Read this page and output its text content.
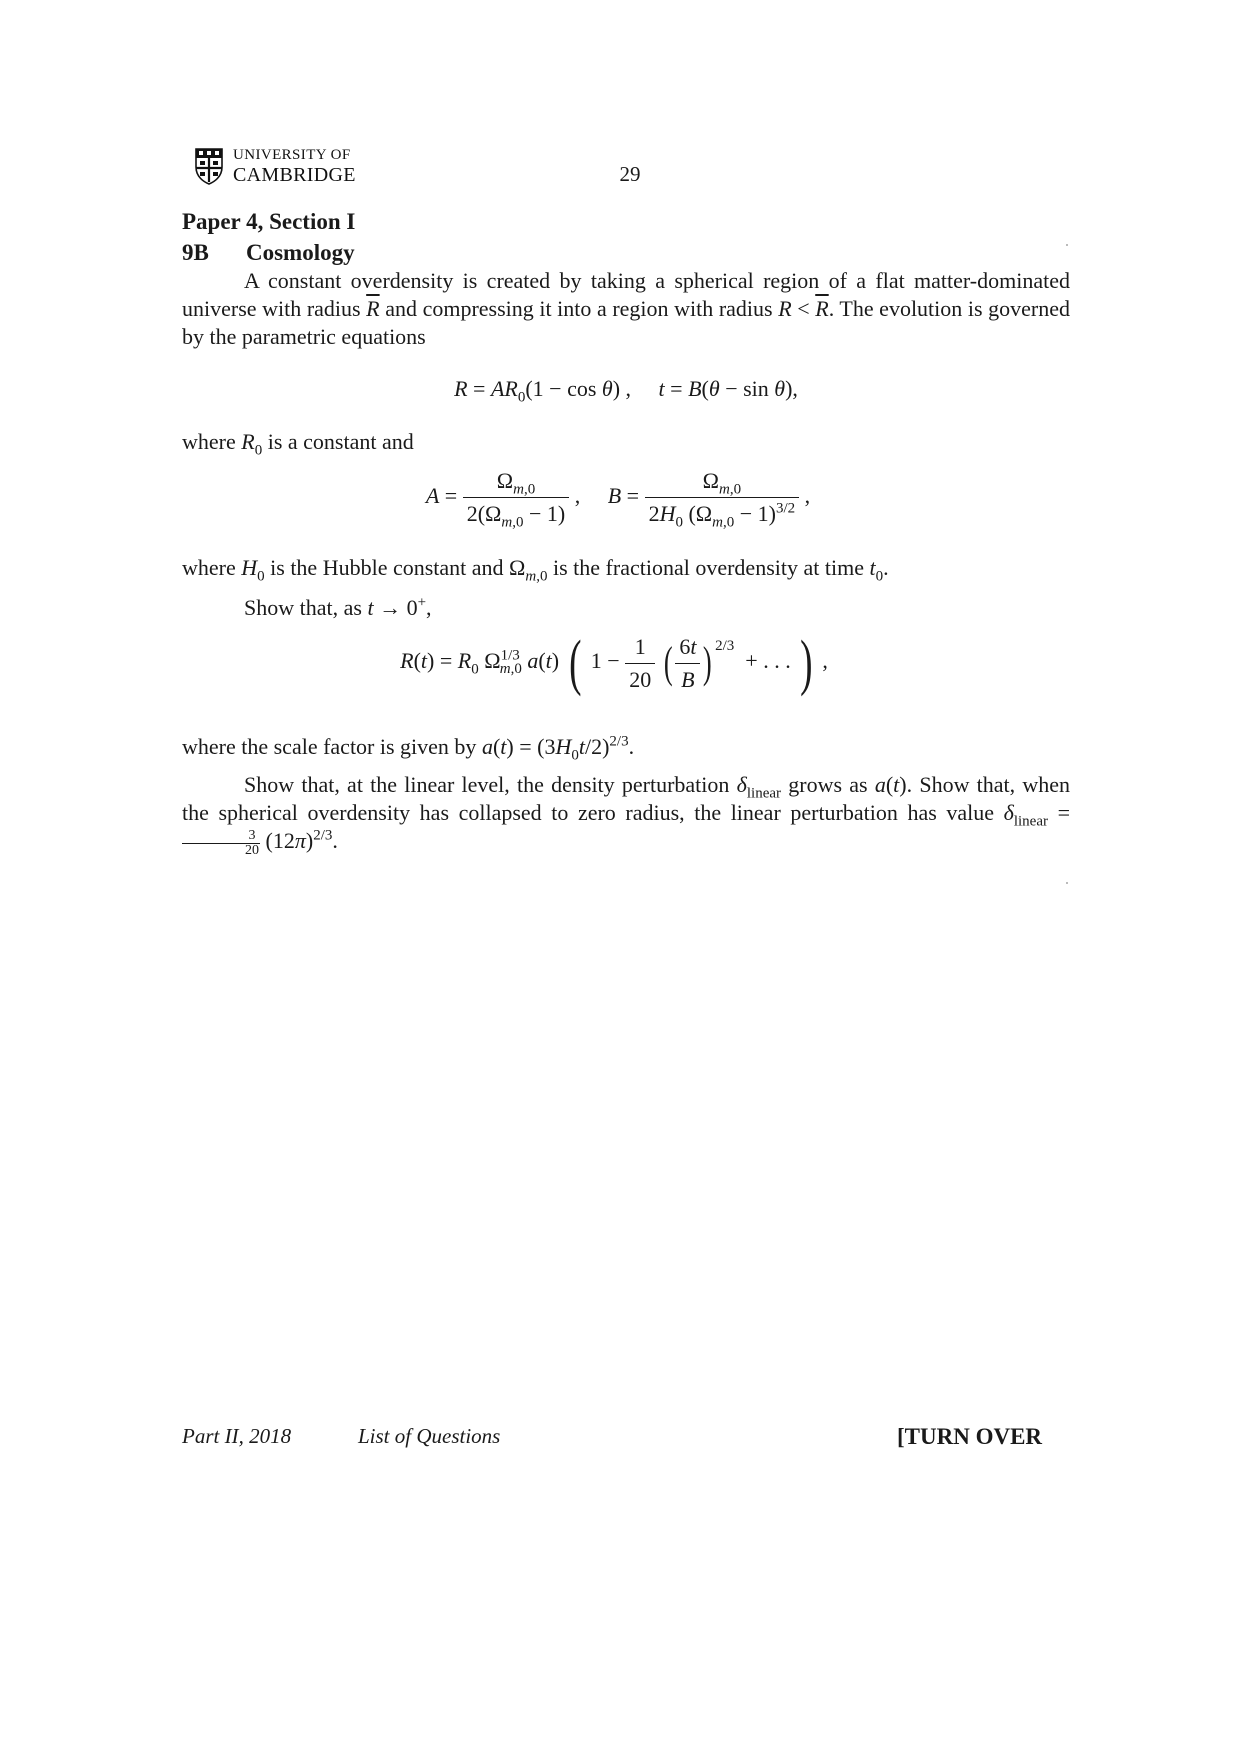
UNIVERSITY OF
CAMBRIDGE	29
Paper 4, Section I
9B Cosmology

A constant overdensity is created by taking a spherical region of a flat matter-dominated universe with radius $\overline{R}$ and compressing it into a region with radius $R < \overline{R}$. The evolution is governed by the parametric equations

$R = AR_0(1 - \cos \theta)$ ,     t = B(θ − sin θ),
where $R_0$ is a constant and
$A = \frac{\Omega_{m,0}}{2(\Omega_{m,0} - 1)}$ ,     $B = \frac{\Omega_{m,0}}{2H_0 (\Omega_{m,0} - 1)^{3/2}}$ ,
where $H_0$ is the Hubble constant and $\Omega_{m,0}$ is the fractional overdensity at time $t_0$.
Show that, as t → 0+,
$R(t) = R_0$ $\Omega^{1/3}_{m,0}$ a(t) ( $1 - \frac{1}{20}$ ( $\frac{6t}{B}$ ) $^{2/3}$  + . . . ) ,
where the scale factor is given by $a(t) = (3H_0t/2)^{2/3}$.

Show that, at the linear level, the density perturbation $\delta_{linear}$ grows as a(t). Show that, when the spherical overdensity has collapsed to zero radius, the linear perturbation has value $\delta_{linear}$ =
$\frac{3}{20} (12\pi)^{2/3}$.

Part II, 2018	List of Questions	[TURN OVER
